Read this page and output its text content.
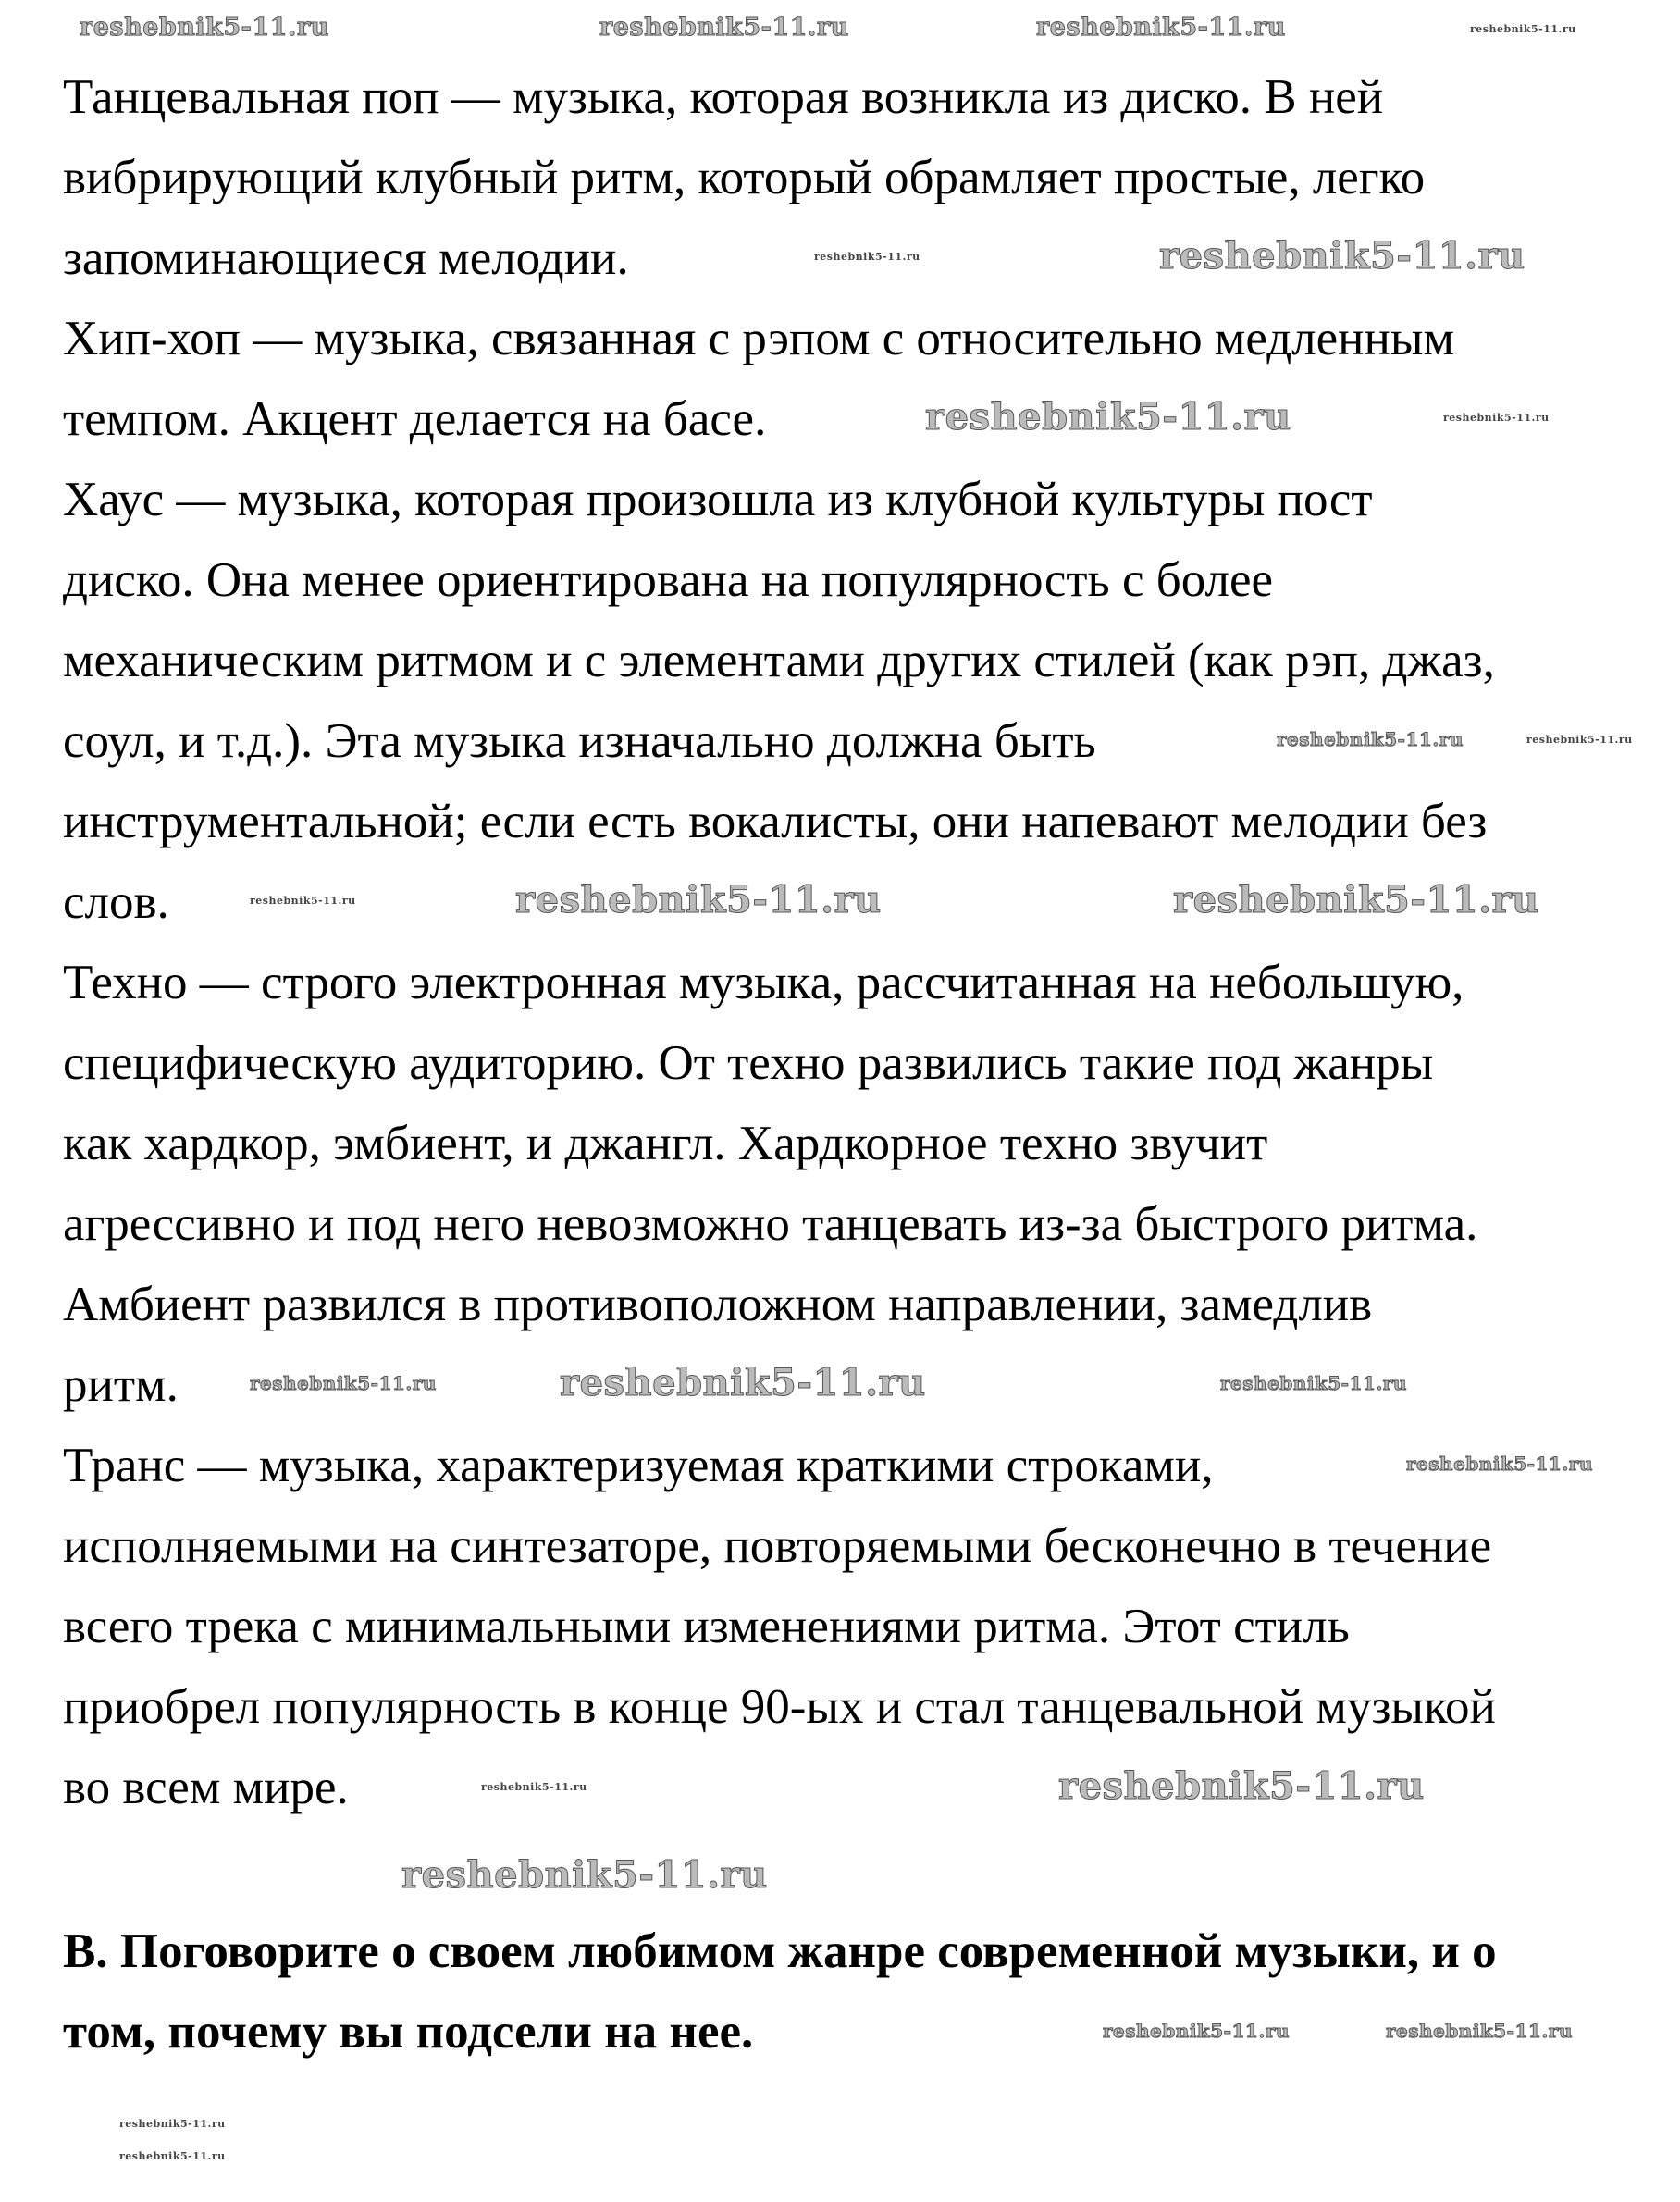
Танцевальная поп — музыка, которая возникла из диско. В ней
вибрирующий клубный ритм, который обрамляет простые, легко
запоминающиеся мелодии.
Хип-хоп — музыка, связанная с рэпом с относительно медленным
темпом. Акцент делается на басе.
Хаус — музыка, которая произошла из клубной культуры пост
диско. Она менее ориентирована на популярность с более
механическим ритмом и с элементами других стилей (как рэп, джаз,
соул, и т.д.). Эта музыка изначально должна быть
инструментальной; если есть вокалисты, они напевают мелодии без
слов.
Техно — строго электронная музыка, рассчитанная на небольшую,
специфическую аудиторию. От техно развились такие под жанры
как хардкор, эмбиент, и джангл. Хардкорное техно звучит
агрессивно и под него невозможно танцевать из-за быстрого ритма.
Амбиент развился в противоположном направлении, замедлив
ритм.
Транс — музыка, характеризуемая краткими строками,
исполняемыми на синтезаторе, повторяемыми бесконечно в течение
всего трека с минимальными изменениями ритма. Этот стиль
приобрел популярность в конце 90-ых и стал танцевальной музыкой
во всем мире.
В. Поговорите о своем любимом жанре современной музыки, и о
том, почему вы подсели на нее.
reshebnik5-11.ru	reshebnik5-11.ru	reshebnik5-11.ru	reshebnik5-11.ru
reshebnik5-11.ru	reshebnik5-11.ru
reshebnik5-11.ru	reshebnik5-11.ru
reshebnik5-11.ru	reshebnik5-11.ru
reshebnik5-11.ru	reshebnik5-11.ru	reshebnik5-11.ru
reshebnik5-11.ru	reshebnik5-11.ru	reshebnik5-11.ru
reshebnik5-11.ru
reshebnik5-11.ru	reshebnik5-11.ru
reshebnik5-11.ru
reshebnik5-11.ru	reshebnik5-11.ru
reshebnik5-11.ru
reshebnik5-11.ru
